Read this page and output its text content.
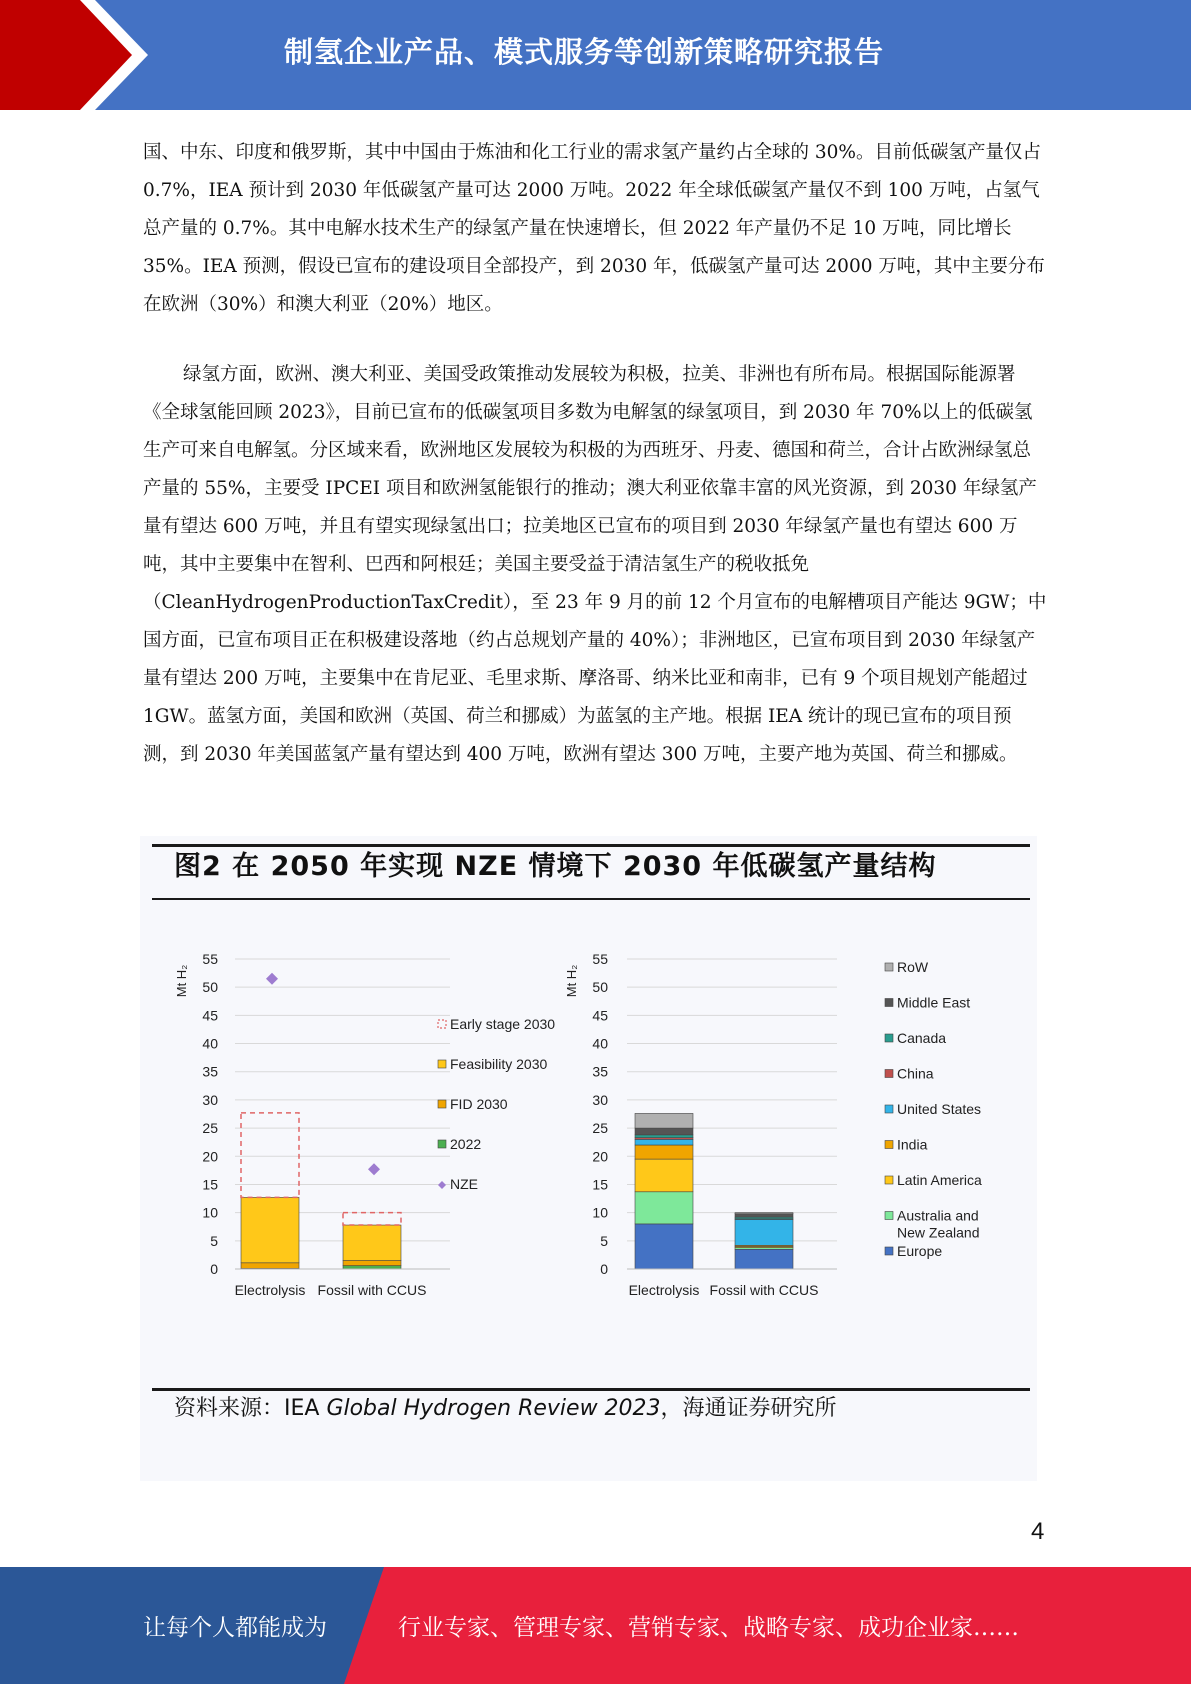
制氢企业产品、模式服务等创新策略研究报告

国、中东、印度和俄罗斯，其中中国由于炼油和化工行业的需求氢产量约占全球的 30%。目前低碳氢产量仅占 0.7%，IEA 预计到 2030 年低碳氢产量可达 2000 万吨。2022 年全球低碳氢产量仅不到 100 万吨，占氢气总产量的 0.7%。其中电解水技术生产的绿氢产量在快速增长，但 2022 年产量仍不足 10 万吨，同比增长 35%。IEA 预测，假设已宣布的建设项目全部投产，到 2030 年，低碳氢产量可达 2000 万吨，其中主要分布在欧洲（30%）和澳大利亚（20%）地区。

绿氢方面，欧洲、澳大利亚、美国受政策推动发展较为积极，拉美、非洲也有所布局。根据国际能源署《全球氢能回顾 2023》，目前已宣布的低碳氢项目多数为电解氢的绿氢项目，到 2030 年 70%以上的低碳氢生产可来自电解氢。分区域来看，欧洲地区发展较为积极的为西班牙、丹麦、德国和荷兰，合计占欧洲绿氢总产量的 55%，主要受 IPCEI 项目和欧洲氢能银行的推动；澳大利亚依靠丰富的风光资源，到 2030 年绿氢产量有望达 600 万吨，并且有望实现绿氢出口；拉美地区已宣布的项目到 2030 年绿氢产量也有望达 600 万吨，其中主要集中在智利、巴西和阿根廷；美国主要受益于清洁氢生产的税收抵免（CleanHydrogenProductionTaxCredit），至 23 年 9 月的前 12 个月宣布的电解槽项目产能达 9GW；中国方面，已宣布项目正在积极建设落地（约占总规划产量的 40%）；非洲地区，已宣布项目到 2030 年绿氢产量有望达 200 万吨，主要集中在肯尼亚、毛里求斯、摩洛哥、纳米比亚和南非，已有 9 个项目规划产能超过 1GW。蓝氢方面，美国和欧洲（英国、荷兰和挪威）为蓝氢的主产地。根据 IEA 统计的现已宣布的项目预测，到 2030 年美国蓝氢产量有望达到 400 万吨，欧洲有望达 300 万吨，主要产地为英国、荷兰和挪威。

图2 在 2050 年实现 NZE 情境下 2030 年低碳氢产量结构
0
5
10
15
20
25
30
35
40
45
50
55
Mt H₂
Electrolysis Fossil with CCUS
Early stage 2030
Feasibility 2030
FID 2030
2022
NZE
0
5
10
15
20
25
30
35
40
45
50
55
Mt H₂
Electrolysis Fossil with CCUS
RoW
Middle East
Canada
China
United States
India
Latin America
Australia and
New Zealand
Europe
资料来源：IEA Global Hydrogen Review 2023，海通证券研究所
4
让每个人都能成为	行业专家、管理专家、营销专家、战略专家、成功企业家……
